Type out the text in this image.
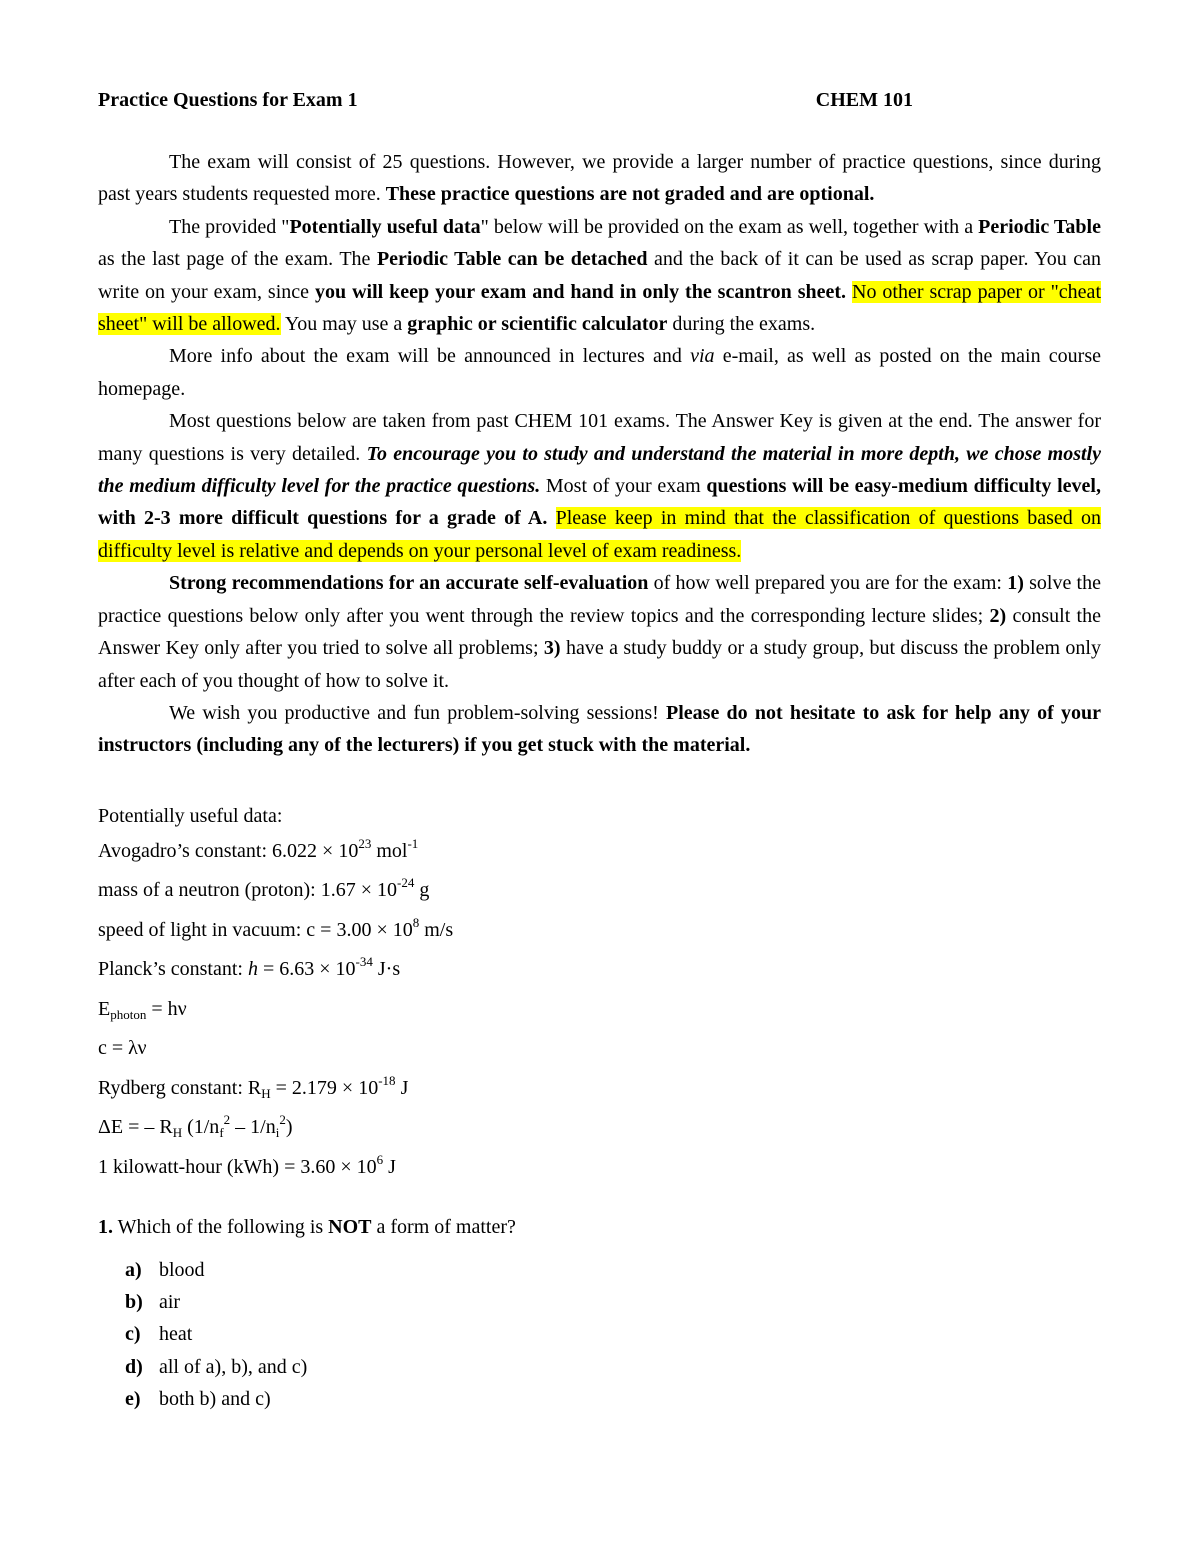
Practice Questions for Exam 1	CHEM 101

The exam will consist of 25 questions. However, we provide a larger number of practice questions, since during past years students requested more. These practice questions are not graded and are optional.

The provided "Potentially useful data" below will be provided on the exam as well, together with a Periodic Table as the last page of the exam. The Periodic Table can be detached and the back of it can be used as scrap paper. You can write on your exam, since you will keep your exam and hand in only the scantron sheet. No other scrap paper or "cheat sheet" will be allowed. You may use a graphic or scientific calculator during the exams.

More info about the exam will be announced in lectures and via e-mail, as well as posted on the main course homepage.

Most questions below are taken from past CHEM 101 exams. The Answer Key is given at the end. The answer for many questions is very detailed. To encourage you to study and understand the material in more depth, we chose mostly the medium difficulty level for the practice questions. Most of your exam questions will be easy-medium difficulty level, with 2-3 more difficult questions for a grade of A. Please keep in mind that the classification of questions based on difficulty level is relative and depends on your personal level of exam readiness.

Strong recommendations for an accurate self-evaluation of how well prepared you are for the exam: 1) solve the practice questions below only after you went through the review topics and the corresponding lecture slides; 2) consult the Answer Key only after you tried to solve all problems; 3) have a study buddy or a study group, but discuss the problem only after each of you thought of how to solve it.

We wish you productive and fun problem-solving sessions! Please do not hesitate to ask for help any of your instructors (including any of the lecturers) if you get stuck with the material.

Potentially useful data:
Avogadro’s constant: $6.022 \times 10^{23}$ mol$^{-1}$
mass of a neutron (proton): $1.67 \times 10^{-24}$ g
speed of light in vacuum: $c = 3.00 \times 10^8$ m/s
Planck’s constant: $h = 6.63 \times 10^{-34}$ J·s
$E_{photon} = h\nu$
c = λν
Rydberg constant: $R_H = 2.179 \times 10^{-18}$ J
ΔE = – $R_H$ $(1/n_f^2 - 1/n_i^2)$
1 kilowatt-hour $(kWh) = 3.60 \times 10^6$ J
1. Which of the following is NOT a form of matter?
a) blood
b) air
c) heat
d) all of a), b), and c)
e) both b) and c)
